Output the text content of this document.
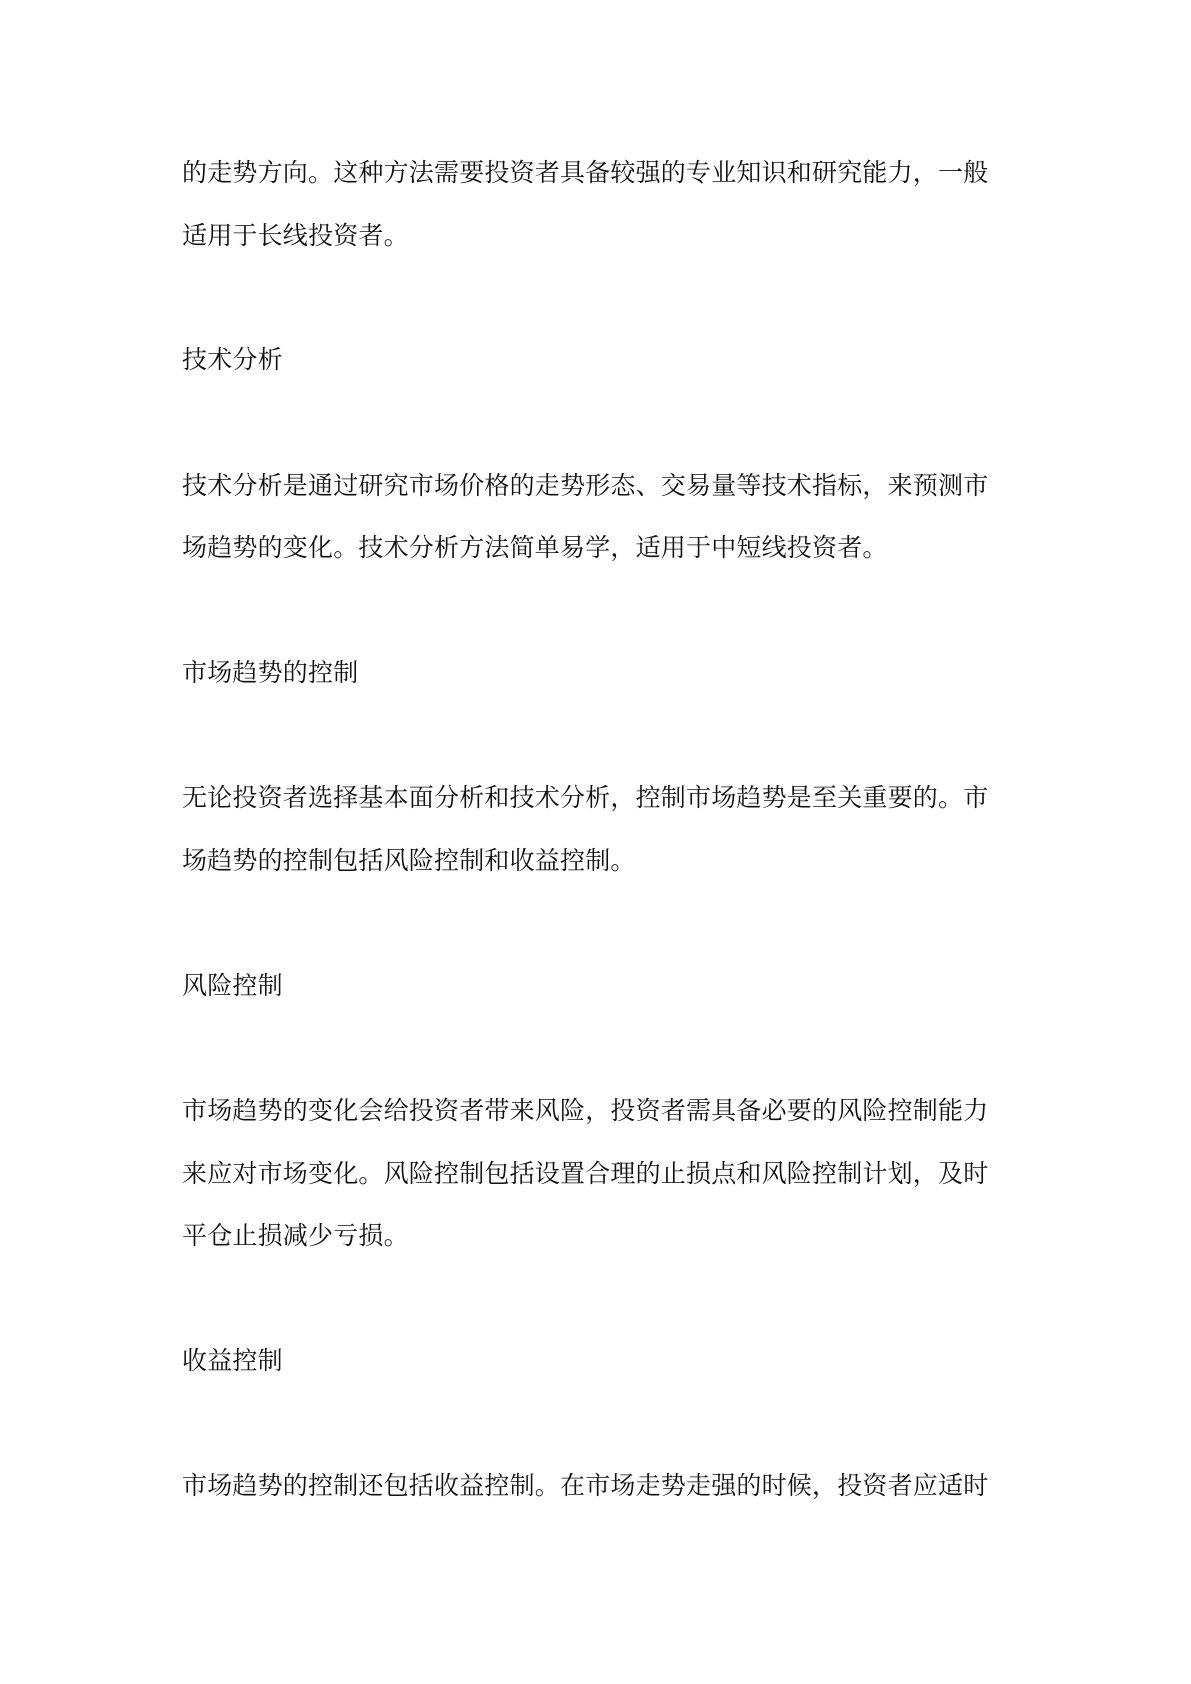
的走势方向。这种方法需要投资者具备较强的专业知识和研究能力，一般
适用于长线投资者。
技术分析
技术分析是通过研究市场价格的走势形态、交易量等技术指标，来预测市
场趋势的变化。技术分析方法简单易学，适用于中短线投资者。
市场趋势的控制
无论投资者选择基本面分析和技术分析，控制市场趋势是至关重要的。市
场趋势的控制包括风险控制和收益控制。
风险控制
市场趋势的变化会给投资者带来风险，投资者需具备必要的风险控制能力
来应对市场变化。风险控制包括设置合理的止损点和风险控制计划，及时
平仓止损减少亏损。
收益控制
市场趋势的控制还包括收益控制。在市场走势走强的时候，投资者应适时
